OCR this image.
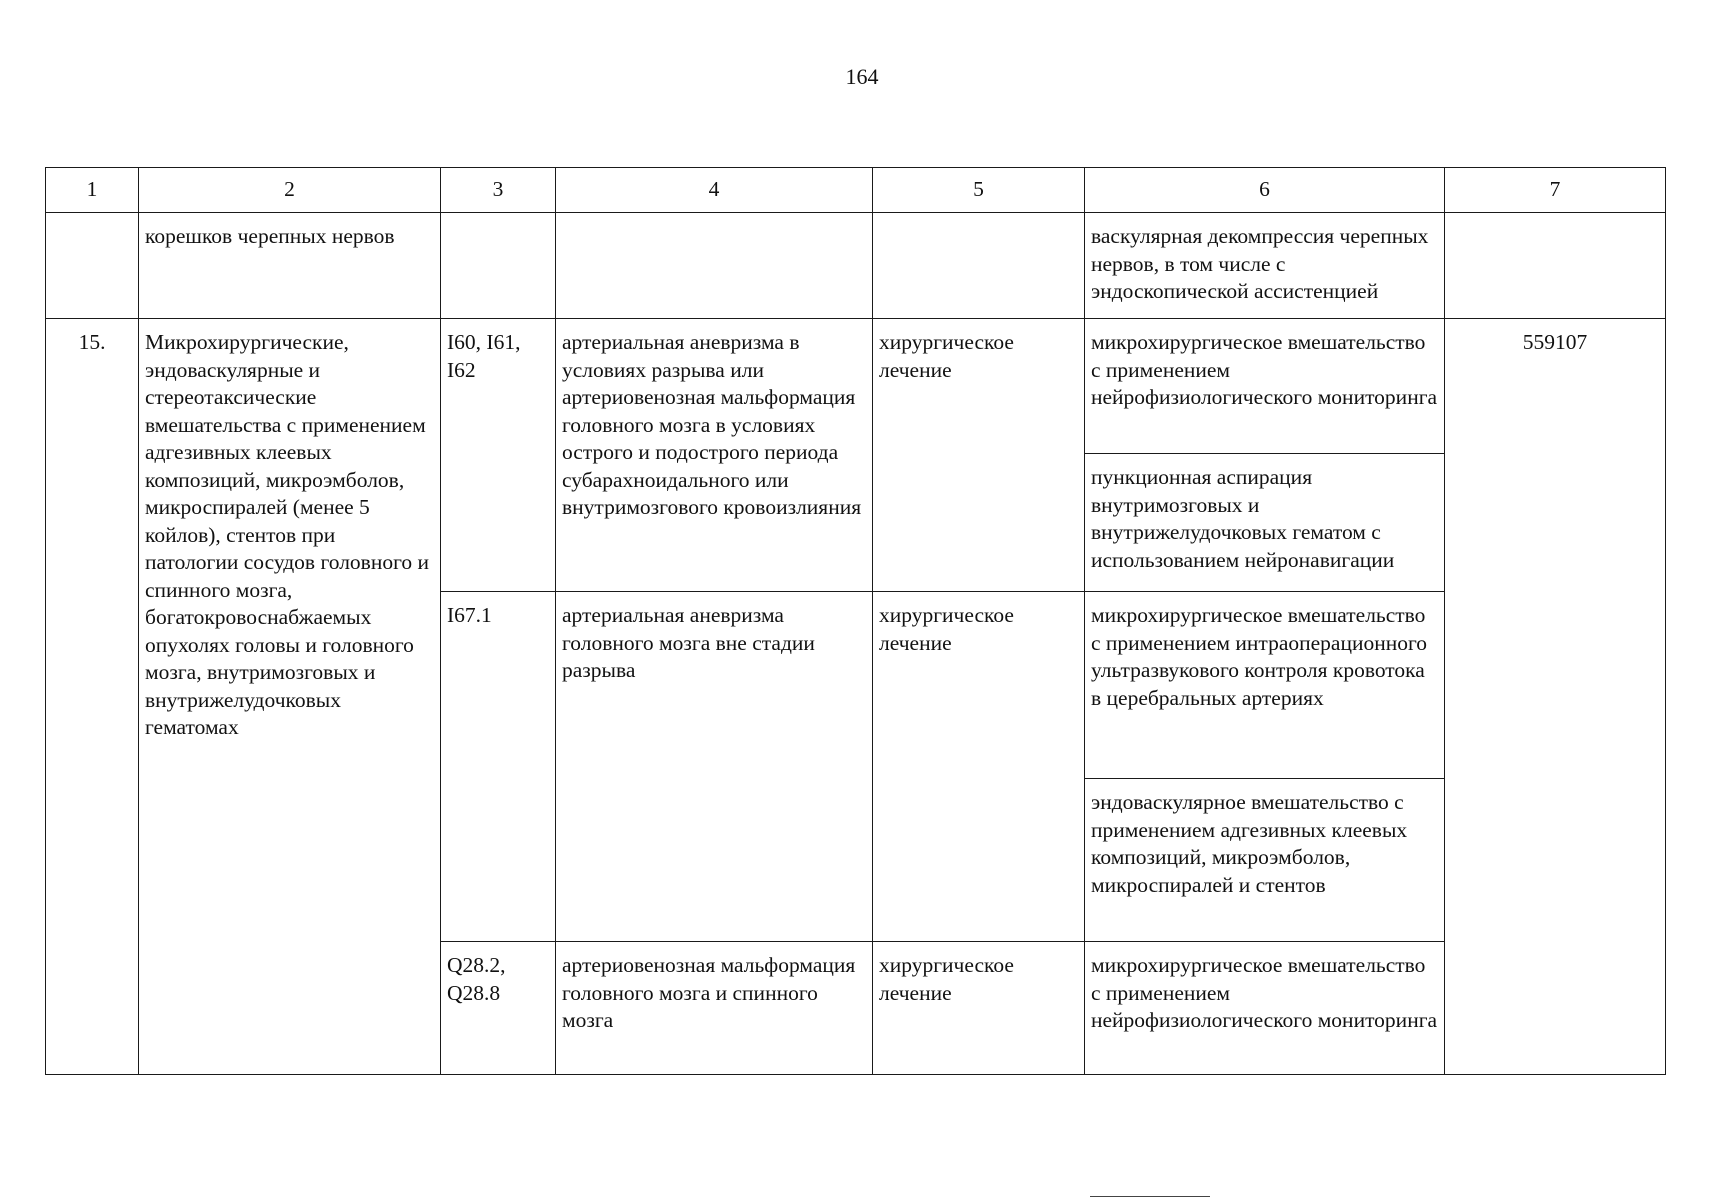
164
1	2	3	4	5	6	7
	корешков черепных нервов				васкулярная декомпрессия черепных нервов, в том числе с эндоскопической ассистенцией	
15.	Микрохирургические, эндоваскулярные и стереотаксические вмешательства с применением адгезивных клеевых композиций, микроэмболов, микроспиралей (менее 5 койлов), стентов при патологии сосудов головного и спинного мозга, богатокровоснабжаемых опухолях головы и головного мозга, внутримозговых и внутрижелудочковых гематомах	I60, I61, I62	артериальная аневризма в условиях разрыва или артериовенозная мальформация головного мозга в условиях острого и подострого периода субарахноидального или внутримозгового кровоизлияния	хирургическое лечение	микрохирургическое вмешательство с применением нейрофизиологического мониторинга	559107
					пункционная аспирация внутримозговых и внутрижелудочковых гематом с использованием нейронавигации	
		I67.1	артериальная аневризма головного мозга вне стадии разрыва	хирургическое лечение	микрохирургическое вмешательство с применением интраоперационного ультразвукового контроля кровотока в церебральных артериях	
					эндоваскулярное вмешательство с применением адгезивных клеевых композиций, микроэмболов, микроспиралей и стентов	
		Q28.2, Q28.8	артериовенозная мальформация головного мозга и спинного мозга	хирургическое лечение	микрохирургическое вмешательство с применением нейрофизиологического мониторинга	
